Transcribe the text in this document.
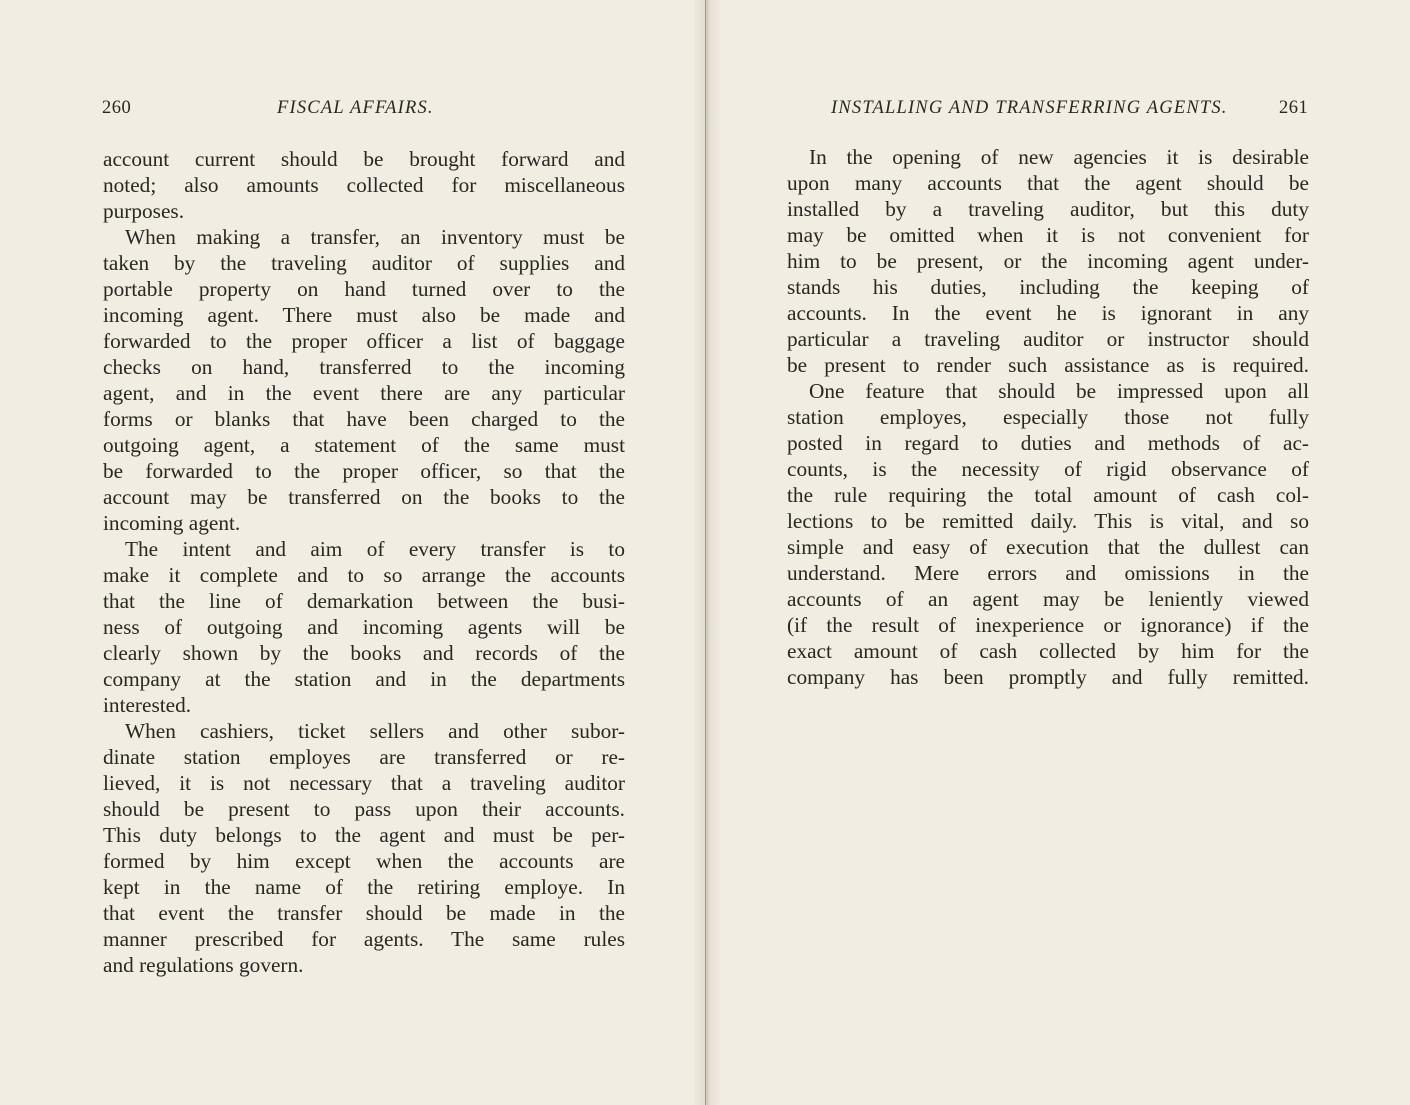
260	FISCAL AFFAIRS.
account current should be brought forward and
noted; also amounts collected for miscellaneous
purposes.
When making a transfer, an inventory must be
taken by the traveling auditor of supplies and
portable property on hand turned over to the
incoming agent. There must also be made and
forwarded to the proper officer a list of baggage
checks on hand, transferred to the incoming
agent, and in the event there are any particular
forms or blanks that have been charged to the
outgoing agent, a statement of the same must
be forwarded to the proper officer, so that the
account may be transferred on the books to the
incoming agent.
The intent and aim of every transfer is to
make it complete and to so arrange the accounts
that the line of demarkation between the busi-
ness of outgoing and incoming agents will be
clearly shown by the books and records of the
company at the station and in the departments
interested.
When cashiers, ticket sellers and other subor-
dinate station employes are transferred or re-
lieved, it is not necessary that a traveling auditor
should be present to pass upon their accounts.
This duty belongs to the agent and must be per-
formed by him except when the accounts are
kept in the name of the retiring employe. In
that event the transfer should be made in the
manner prescribed for agents. The same rules
and regulations govern.
INSTALLING AND TRANSFERRING AGENTS.	261
In the opening of new agencies it is desirable
upon many accounts that the agent should be
installed by a traveling auditor, but this duty
may be omitted when it is not convenient for
him to be present, or the incoming agent under-
stands his duties, including the keeping of
accounts. In the event he is ignorant in any
particular a traveling auditor or instructor should
be present to render such assistance as is required.
One feature that should be impressed upon all
station employes, especially those not fully
posted in regard to duties and methods of ac-
counts, is the necessity of rigid observance of
the rule requiring the total amount of cash col-
lections to be remitted daily. This is vital, and so
simple and easy of execution that the dullest can
understand. Mere errors and omissions in the
accounts of an agent may be leniently viewed
(if the result of inexperience or ignorance) if the
exact amount of cash collected by him for the
company has been promptly and fully remitted.
